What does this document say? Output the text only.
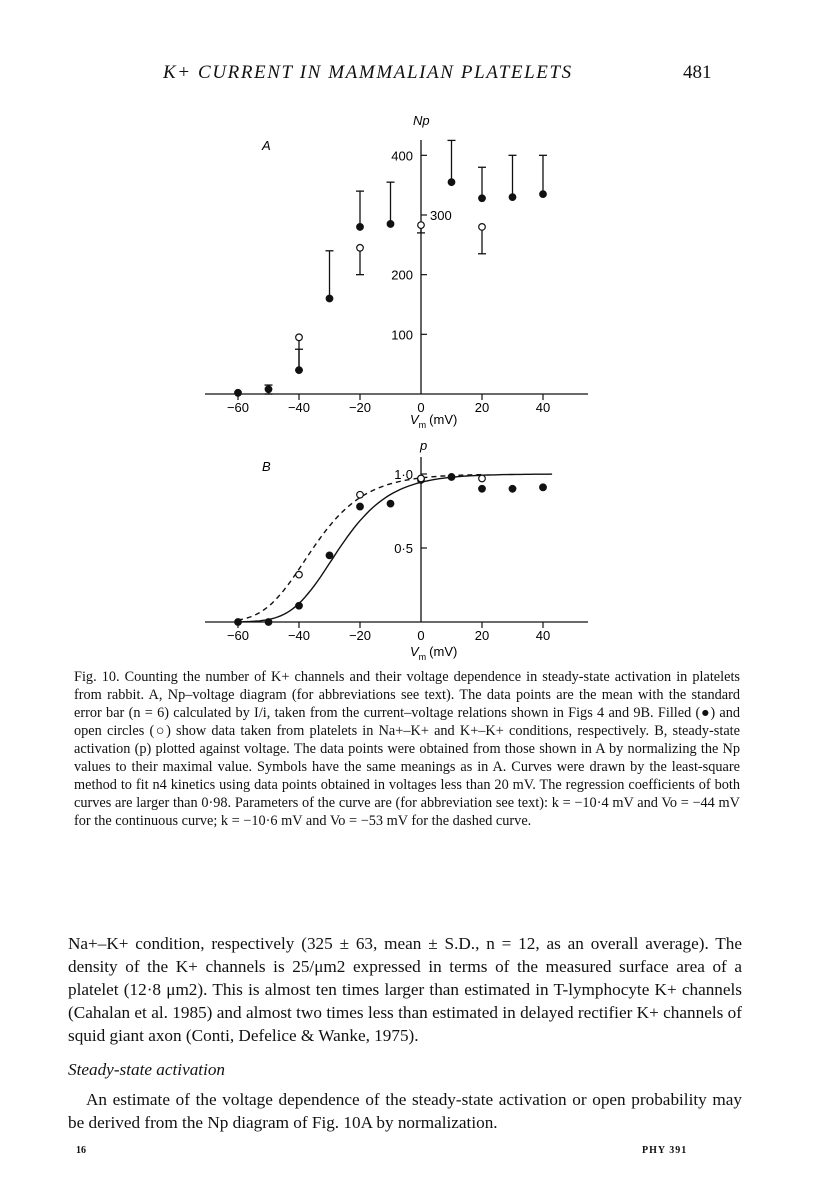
K+ CURRENT IN MAMMALIAN PLATELETS	481
A
Np
−60	−40	−20	0	20	40
100
200
300
400
$V_m$ (mV)
B
p
−60	−40	−20	0	20	40
0·5
1·0
$V_m$ (mV)

Fig. 10. Counting the number of K+ channels and their voltage dependence in steady-state activation in platelets from rabbit. A, Np–voltage diagram (for abbreviations see text). The data points are the mean with the standard error bar (n = 6) calculated by I/i, taken from the current–voltage relations shown in Figs 4 and 9B. Filled (●) and open circles (○) show data taken from platelets in Na+–K+ and K+–K+ conditions, respectively. B, steady-state activation (p) plotted against voltage. The data points were obtained from those shown in A by normalizing the Np values to their maximal value. Symbols have the same meanings as in A. Curves were drawn by the least-square method to fit n4 kinetics using data points obtained in voltages less than 20 mV. The regression coefficients of both curves are larger than 0·98. Parameters of the curve are (for abbreviation see text): k = −10·4 mV and Vo = −44 mV for the continuous curve; k = −10·6 mV and Vo = −53 mV for the dashed curve.

Na+–K+ condition, respectively (325 ± 63, mean ± S.D., n = 12, as an overall average). The density of the K+ channels is 25/μm2 expressed in terms of the measured surface area of a platelet (12·8 μm2). This is almost ten times larger than estimated in T-lymphocyte K+ channels (Cahalan et al. 1985) and almost two times less than estimated in delayed rectifier K+ channels of squid giant axon (Conti, Defelice & Wanke, 1975).

Steady-state activation

An estimate of the voltage dependence of the steady-state activation or open probability may be derived from the Np diagram of Fig. 10A by normalization.

16	PHY 391
